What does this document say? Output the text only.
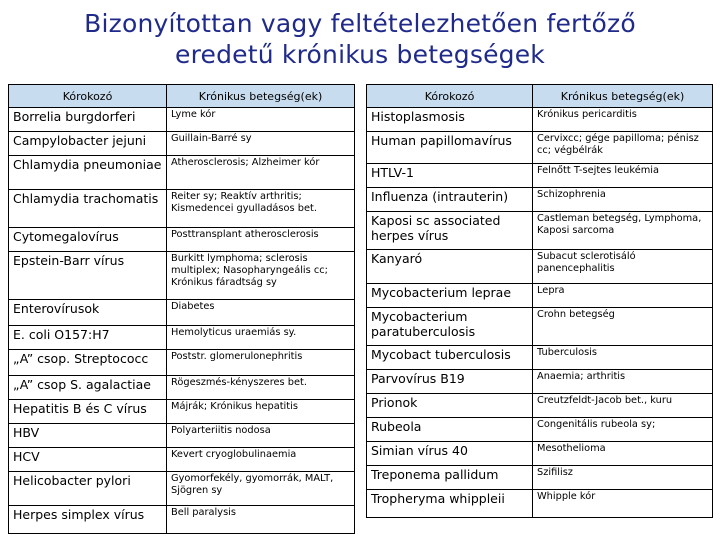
Bizonyítottan vagy feltételezhetően fertőző
eredetű krónikus betegségek
Kórokozó	Krónikus betegség(ek)
Borrelia burgdorferi	Lyme kór
Campylobacter jejuni	Guillain-Barré sy
Chlamydia pneumoniae	Atherosclerosis; Alzheimer kór
Chlamydia trachomatis	Reiter sy; Reaktív arthritis; Kismedencei gyulladásos bet.
Cytomegalovírus	Posttransplant atherosclerosis
Epstein-Barr vírus	Burkitt lymphoma; sclerosis multiplex; Nasopharyngeális cc; Krónikus fáradtság sy
Enterovírusok	Diabetes
E. coli O157:H7	Hemolyticus uraemiás sy.
„A” csop. Streptococc	Poststr. glomerulonephritis
„A” csop S. agalactiae	Rögeszmés-kényszeres bet.
Hepatitis B és C vírus	Májrák; Krónikus hepatitis
HBV	Polyarteriitis nodosa
HCV	Kevert cryoglobulinaemia
Helicobacter pylori	Gyomorfekély, gyomorrák, MALT, Sjögren sy
Herpes simplex vírus	Bell paralysis
Kórokozó	Krónikus betegség(ek)
Histoplasmosis	Krónikus pericarditis
Human papillomavírus	Cervixcc; gége papilloma; pénisz cc; végbélrák
HTLV-1	Felnőtt T-sejtes leukémia
Influenza (intrauterin)	Schizophrenia
Kaposi sc associated herpes vírus	Castleman betegség, Lymphoma, Kaposi sarcoma
Kanyaró	Subacut sclerotisáló panencephalitis
Mycobacterium leprae	Lepra
Mycobacterium paratuberculosis	Crohn betegség
Mycobact tuberculosis	Tuberculosis
Parvovírus B19	Anaemia; arthritis
Prionok	Creutzfeldt-Jacob bet., kuru
Rubeola	Congenitális rubeola sy;
Simian vírus 40	Mesothelioma
Treponema pallidum	Szifilisz
Tropheryma whippleii	Whipple kór
